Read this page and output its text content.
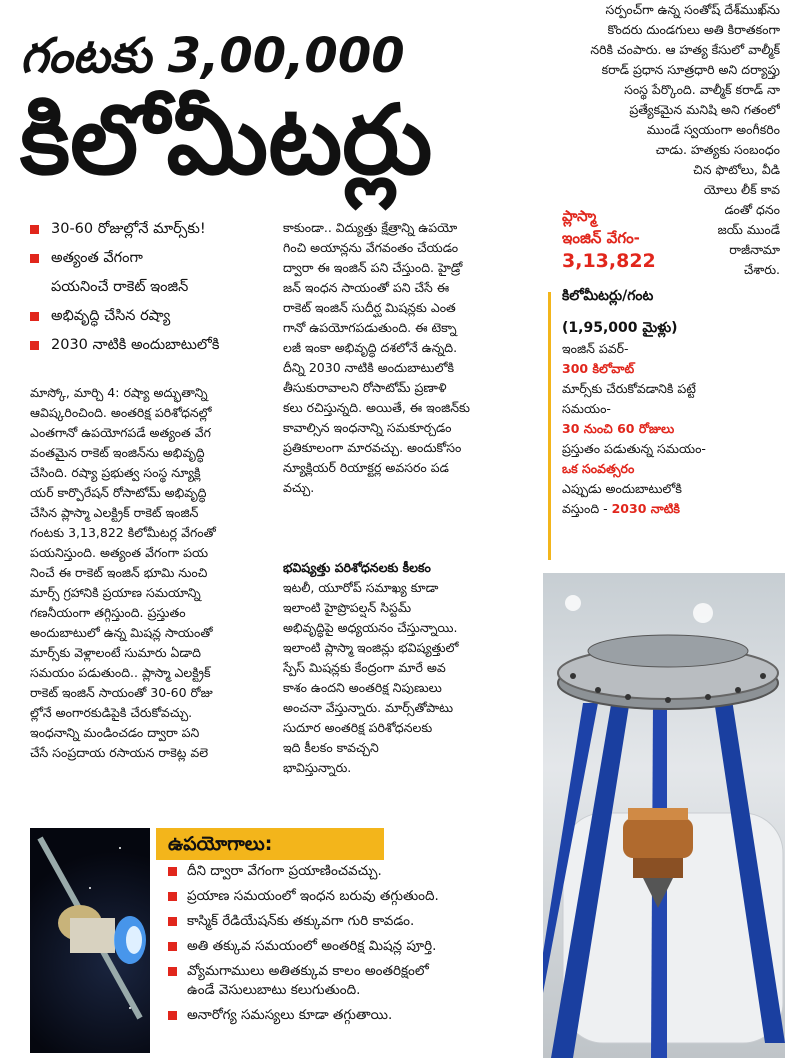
గంటకు 3,00,000
కిలోమీటర్లు
సర్పంచ్‌గా ఉన్న సంతోష్ దేశ్‌ముఖ్‌ను
కొందరు దుండగులు అతి కిరాతకంగా
నరికి చంపారు. ఆ హత్య కేసులో వాల్మీక్
కరాడ్ ప్రధాన సూత్రధారి అని దర్యాప్తు
సంస్థ పేర్కొంది. వాల్మీక్ కరాడ్ నా
ప్రత్యేకమైన మనిషి అని గతంలో
ముండే స్వయంగా అంగీకరిం
చాడు. హత్యకు సంబంధం
చిన ఫొటోలు, వీడి
యోలు లీక్ కావ
డంతో ధనం
జయ్ ముండే
రాజీనామా
చేశారు.
30-60 రోజుల్లోనే మార్స్‌కు!
అత్యంత వేగంగా
పయనించే రాకెట్ ఇంజిన్
అభివృద్ధి చేసిన రష్యా
2030 నాటికి అందుబాటులోకి
మాస్కో, మార్చి 4: రష్యా అద్భుతాన్ని
ఆవిష్కరించింది. అంతరిక్ష పరిశోధనల్లో
ఎంతగానో ఉపయోగపడే అత్యంత వేగ
వంతమైన రాకెట్ ఇంజిన్‌ను అభివృద్ధి
చేసింది. రష్యా ప్రభుత్వ సంస్థ న్యూక్లి
యర్ కార్పొరేషన్ రోసాటోమ్ అభివృద్ధి
చేసిన ప్లాస్మా ఎలక్ట్రిక్ రాకెట్ ఇంజిన్
గంటకు 3,13,822 కిలోమీటర్ల వేగంతో
పయనిస్తుంది. అత్యంత వేగంగా పయ
నించే ఈ రాకెట్ ఇంజిన్ భూమి నుంచి
మార్స్ గ్రహానికి ప్రయాణ సమయాన్ని
గణనీయంగా తగ్గిస్తుంది. ప్రస్తుతం
అందుబాటులో ఉన్న మిషన్ల సాయంతో
మార్స్‌కు వెళ్లాలంటే సుమారు ఏడాది
సమయం పడుతుంది.. ప్లాస్మా ఎలక్ట్రిక్
రాకెట్ ఇంజిన్ సాయంతో 30-60 రోజు
ల్లోనే అంగారకుడిపైకి చేరుకోవచ్చు.
ఇంధనాన్ని మండించడం ద్వారా పని
చేసే సంప్రదాయ రసాయన రాకెట్ల వలె
కాకుండా.. విద్యుత్తు క్షేత్రాన్ని ఉపయో
గించి అయాన్లను వేగవంతం చేయడం
ద్వారా ఈ ఇంజిన్ పని చేస్తుంది. హైడ్రో
జన్ ఇంధన సాయంతో పని చేసే ఈ
రాకెట్ ఇంజిన్ సుదీర్ఘ మిషన్లకు ఎంత
గానో ఉపయోగపడుతుంది. ఈ టెక్నా
లజీ ఇంకా అభివృద్ధి దశలోనే ఉన్నది.
దీన్ని 2030 నాటికి అందుబాటులోకి
తీసుకురావాలని రోసాటోమ్ ప్రణాళి
కలు రచిస్తున్నది. అయితే, ఈ ఇంజిన్‌కు
కావాల్సిన ఇంధనాన్ని సమకూర్చడం
ప్రతికూలంగా మారవచ్చు. అందుకోసం
న్యూక్లియర్ రియాక్టర్ల అవసరం పడ
వచ్చు.
భవిష్యత్తు పరిశోధనలకు కీలకం
ఇటలీ, యూరోప్ సమాఖ్య కూడా
ఇలాంటి హైప్రొపల్షన్ సిస్టమ్
అభివృద్ధిపై అధ్యయనం చేస్తున్నాయి.
ఇలాంటి ప్లాస్మా ఇంజిన్లు భవిష్యత్తులో
స్పేస్ మిషన్లకు కేంద్రంగా మారే అవ
కాశం ఉందని అంతరిక్ష నిపుణులు
అంచనా వేస్తున్నారు. మార్స్‌తోపాటు
సుదూర అంతరిక్ష పరిశోధనలకు
ఇది కీలకం కావచ్చని
భావిస్తున్నారు.
ప్లాస్మా
ఇంజిన్ వేగం-
3,13,822
కిలోమీటర్లు/గంట
(1,95,000 మైళ్లు)
ఇంజిన్ పవర్-
300 కిలోవాట్
మార్స్‌కు చేరుకోవడానికి పట్టే
సమయం-
30 నుంచి 60 రోజులు
ప్రస్తుతం పడుతున్న సమయం-
ఒక సంవత్సరం
ఎప్పుడు అందుబాటులోకి
వస్తుంది - 2030 నాటికి
ఉపయోగాలు:
దీని ద్వారా వేగంగా ప్రయాణించవచ్చు.
ప్రయాణ సమయంలో ఇంధన బరువు తగ్గుతుంది.
కాస్మిక్ రేడియేషన్‌కు తక్కువగా గురి కావడం.
అతి తక్కువ సమయంలో అంతరిక్ష మిషన్ల పూర్తి.
వ్యోమగాములు అతితక్కువ కాలం అంతరిక్షంలో
ఉండే వెసులుబాటు కలుగుతుంది.
అనారోగ్య సమస్యలు కూడా తగ్గుతాయి.
